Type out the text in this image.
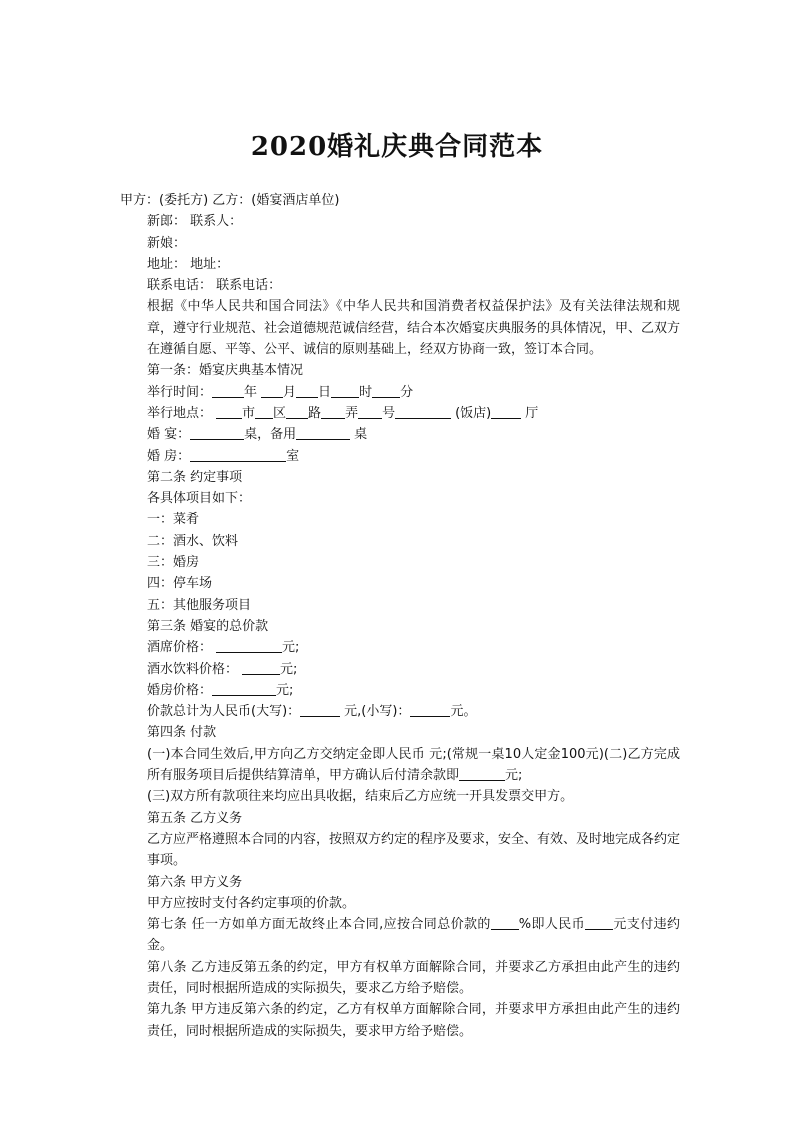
2020婚礼庆典合同范本

甲方：(委托方) 乙方：(婚宴酒店单位)

新郎： 联系人：

新娘：

地址： 地址：

联系电话： 联系电话：

根据《中华人民共和国合同法》《中华人民共和国消费者权益保护法》及有关法律法规和规章，遵守行业规范、社会道德规范诚信经营，结合本次婚宴庆典服务的具体情况，甲、乙双方在遵循自愿、平等、公平、诚信的原则基础上，经双方协商一致，签订本合同。

第一条：婚宴庆典基本情况

举行时间： 年 月 日 时 分

举行地点： 市 区 路 弄 号	(饭店)	厅

婚 宴：	桌，备用	桌

婚 房：	室

第二条 约定事项

各具体项目如下：

一：菜肴

二：酒水、饮料

三：婚房

四：停车场

五：其他服务项目

第三条 婚宴的总价款

酒席价格：	元;

酒水饮料价格：	元;

婚房价格：	元;

价款总计为人民币(大写)：	元,(小写)：	元。

第四条 付款

(一)本合同生效后,甲方向乙方交纳定金即人民币 元;(常规一桌10人定金100元)(二)乙方完成所有服务项目后提供结算清单，甲方确认后付清余款即	元;

(三)双方所有款项往来均应出具收据，结束后乙方应统一开具发票交甲方。

第五条 乙方义务

乙方应严格遵照本合同的内容，按照双方约定的程序及要求，安全、有效、及时地完成各约定事项。

第六条 甲方义务

甲方应按时支付各约定事项的价款。

第七条 任一方如单方面无故终止本合同,应按合同总价款的 %即人民币 元支付违约金。

第八条 乙方违反第五条的约定，甲方有权单方面解除合同，并要求乙方承担由此产生的违约责任，同时根据所造成的实际损失，要求乙方给予赔偿。

第九条 甲方违反第六条的约定，乙方有权单方面解除合同，并要求甲方承担由此产生的违约责任，同时根据所造成的实际损失，要求甲方给予赔偿。
